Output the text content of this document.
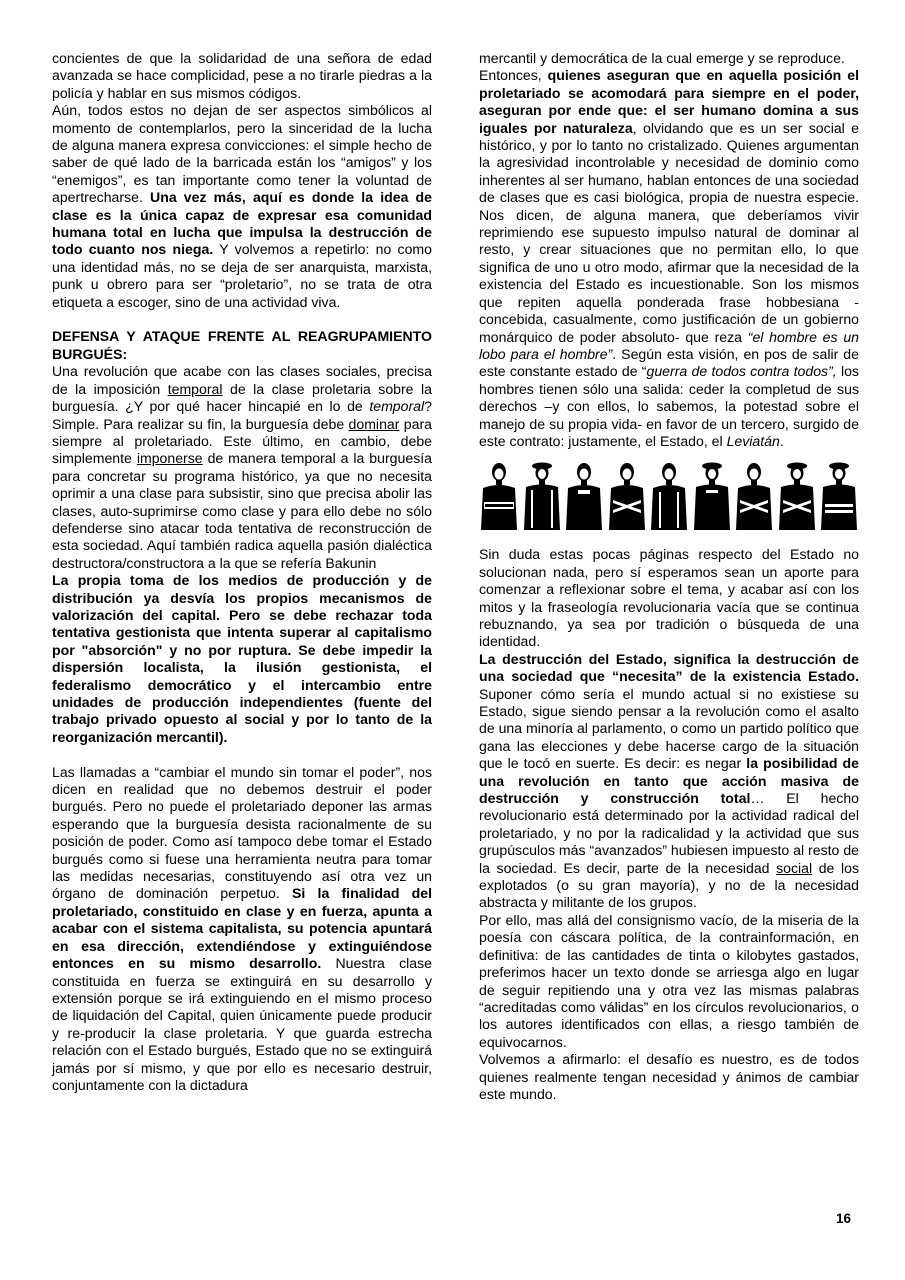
concientes de que la solidaridad de una señora de edad avanzada se hace complicidad, pese a no tirarle piedras a la policía y hablar en sus mismos códigos.

Aún, todos estos no dejan de ser aspectos simbólicos al momento de contemplarlos, pero la sinceridad de la lucha de alguna manera expresa convicciones: el simple hecho de saber de qué lado de la barricada están los “amigos” y los “enemigos”, es tan importante como tener la voluntad de apertrecharse. Una vez más, aquí es donde la idea de clase es la única capaz de expresar esa comunidad humana total en lucha que impulsa la destrucción de todo cuanto nos niega. Y volvemos a repetirlo: no como una identidad más, no se deja de ser anarquista, marxista, punk u obrero para ser “proletario”, no se trata de otra etiqueta a escoger, sino de una actividad viva.

DEFENSA Y ATAQUE FRENTE AL REAGRUPAMIENTO BURGUÉS:

Una revolución que acabe con las clases sociales, precisa de la imposición temporal de la clase proletaria sobre la burguesía. ¿Y por qué hacer hincapié en lo de temporal? Simple. Para realizar su fin, la burguesía debe dominar para siempre al proletariado. Este último, en cambio, debe simplemente imponerse de manera temporal a la burguesía para concretar su programa histórico, ya que no necesita oprimir a una clase para subsistir, sino que precisa abolir las clases, auto-suprimirse como clase y para ello debe no sólo defenderse sino atacar toda tentativa de reconstrucción de esta sociedad. Aquí también radica aquella pasión dialéctica destructora/constructora a la que se refería Bakunin

La propia toma de los medios de producción y de distribución ya desvía los propios mecanismos de valorización del capital. Pero se debe rechazar toda tentativa gestionista que intenta superar al capitalismo por "absorción" y no por ruptura. Se debe impedir la dispersión localista, la ilusión gestionista, el federalismo democrático y el intercambio entre unidades de producción independientes (fuente del trabajo privado opuesto al social y por lo tanto de la reorganización mercantil).

Las llamadas a “cambiar el mundo sin tomar el poder”, nos dicen en realidad que no debemos destruir el poder burgués. Pero no puede el proletariado deponer las armas esperando que la burguesía desista racionalmente de su posición de poder. Como así tampoco debe tomar el Estado burgués como si fuese una herramienta neutra para tomar las medidas necesarias, constituyendo así otra vez un órgano de dominación perpetuo. Si la finalidad del proletariado, constituido en clase y en fuerza, apunta a acabar con el sistema capitalista, su potencia apuntará en esa dirección, extendiéndose y extinguiéndose entonces en su mismo desarrollo. Nuestra clase constituida en fuerza se extinguirá en su desarrollo y extensión porque se irá extinguiendo en el mismo proceso de liquidación del Capital, quien únicamente puede producir y re-producir la clase proletaria. Y que guarda estrecha relación con el Estado burgués, Estado que no se extinguirá jamás por sí mismo, y que por ello es necesario destruir, conjuntamente con la dictadura

mercantil y democrática de la cual emerge y se reproduce.

Entonces, quienes aseguran que en aquella posición el proletariado se acomodará para siempre en el poder, aseguran por ende que: el ser humano domina a sus iguales por naturaleza, olvidando que es un ser social e histórico, y por lo tanto no cristalizado. Quienes argumentan la agresividad incontrolable y necesidad de dominio como inherentes al ser humano, hablan entonces de una sociedad de clases que es casi biológica, propia de nuestra especie. Nos dicen, de alguna manera, que deberíamos vivir reprimiendo ese supuesto impulso natural de dominar al resto, y crear situaciones que no permitan ello, lo que significa de uno u otro modo, afirmar que la necesidad de la existencia del Estado es incuestionable. Son los mismos que repiten aquella ponderada frase hobbesiana -concebida, casualmente, como justificación de un gobierno monárquico de poder absoluto- que reza “el hombre es un lobo para el hombre”. Según esta visión, en pos de salir de este constante estado de “guerra de todos contra todos”, los hombres tienen sólo una salida: ceder la completud de sus derechos –y con ellos, lo sabemos, la potestad sobre el manejo de su propia vida- en favor de un tercero, surgido de este contrato: justamente, el Estado, el Leviatán.

Sin duda estas pocas páginas respecto del Estado no solucionan nada, pero sí esperamos sean un aporte para comenzar a reflexionar sobre el tema, y acabar así con los mitos y la fraseología revolucionaria vacía que se continua rebuznando, ya sea por tradición o búsqueda de una identidad.

La destrucción del Estado, significa la destrucción de una sociedad que “necesita” de la existencia Estado. Suponer cómo sería el mundo actual si no existiese su Estado, sigue siendo pensar a la revolución como el asalto de una minoría al parlamento, o como un partido político que gana las elecciones y debe hacerse cargo de la situación que le tocó en suerte. Es decir: es negar la posibilidad de una revolución en tanto que acción masiva de destrucción y construcción total… El hecho revolucionario está determinado por la actividad radical del proletariado, y no por la radicalidad y la actividad que sus grupúsculos más “avanzados” hubiesen impuesto al resto de la sociedad. Es decir, parte de la necesidad social de los explotados (o su gran mayoría), y no de la necesidad abstracta y militante de los grupos.

Por ello, mas allá del consignismo vacío, de la miseria de la poesía con cáscara política, de la contrainformación, en definitiva: de las cantidades de tinta o kilobytes gastados, preferimos hacer un texto donde se arriesga algo en lugar de seguir repitiendo una y otra vez las mismas palabras “acreditadas como válidas” en los círculos revolucionarios, o los autores identificados con ellas, a riesgo también de equivocarnos.

Volvemos a afirmarlo: el desafío es nuestro, es de todos quienes realmente tengan necesidad y ánimos de cambiar este mundo.

16
